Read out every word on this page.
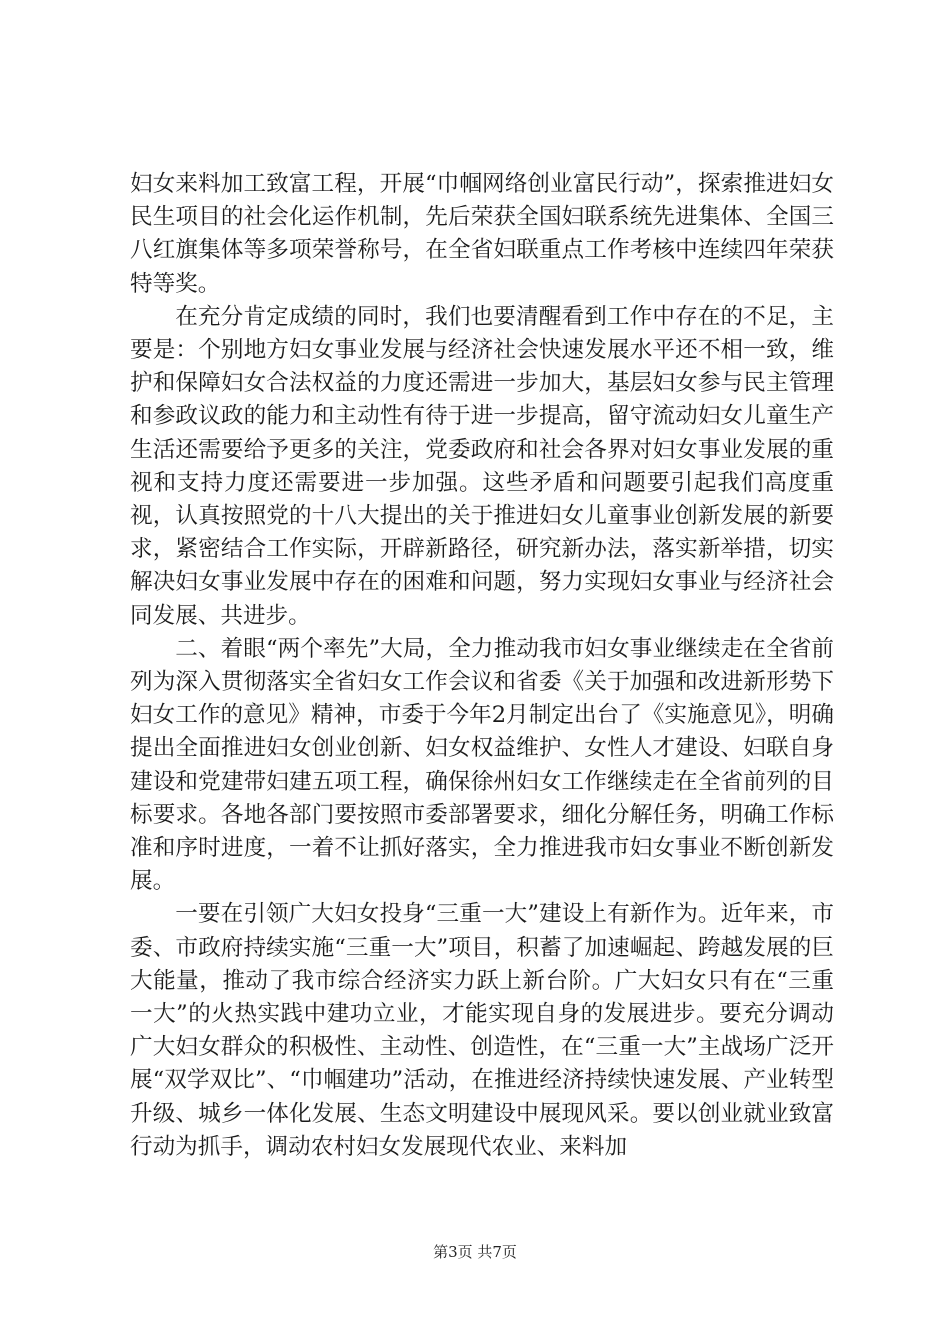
妇女来料加工致富工程，开展“巾帼网络创业富民行动”，探索推进妇女民生项目的社会化运作机制，先后荣获全国妇联系统先进集体、全国三八红旗集体等多项荣誉称号，在全省妇联重点工作考核中连续四年荣获特等奖。

在充分肯定成绩的同时，我们也要清醒看到工作中存在的不足，主要是：个别地方妇女事业发展与经济社会快速发展水平还不相一致，维护和保障妇女合法权益的力度还需进一步加大，基层妇女参与民主管理和参政议政的能力和主动性有待于进一步提高，留守流动妇女儿童生产生活还需要给予更多的关注，党委政府和社会各界对妇女事业发展的重视和支持力度还需要进一步加强。这些矛盾和问题要引起我们高度重视，认真按照党的十八大提出的关于推进妇女儿童事业创新发展的新要求，紧密结合工作实际，开辟新路径，研究新办法，落实新举措，切实解决妇女事业发展中存在的困难和问题，努力实现妇女事业与经济社会同发展、共进步。

二、着眼“两个率先”大局，全力推动我市妇女事业继续走在全省前列为深入贯彻落实全省妇女工作会议和省委《关于加强和改进新形势下妇女工作的意见》精神，市委于今年2月制定出台了《实施意见》，明确提出全面推进妇女创业创新、妇女权益维护、女性人才建设、妇联自身建设和党建带妇建五项工程，确保徐州妇女工作继续走在全省前列的目标要求。各地各部门要按照市委部署要求，细化分解任务，明确工作标准和序时进度，一着不让抓好落实，全力推进我市妇女事业不断创新发展。

一要在引领广大妇女投身“三重一大”建设上有新作为。近年来，市委、市政府持续实施“三重一大”项目，积蓄了加速崛起、跨越发展的巨大能量，推动了我市综合经济实力跃上新台阶。广大妇女只有在“三重一大”的火热实践中建功立业，才能实现自身的发展进步。要充分调动广大妇女群众的积极性、主动性、创造性，在“三重一大”主战场广泛开展“双学双比”、“巾帼建功”活动，在推进经济持续快速发展、产业转型升级、城乡一体化发展、生态文明建设中展现风采。要以创业就业致富行动为抓手，调动农村妇女发展现代农业、来料加

第3页 共7页
